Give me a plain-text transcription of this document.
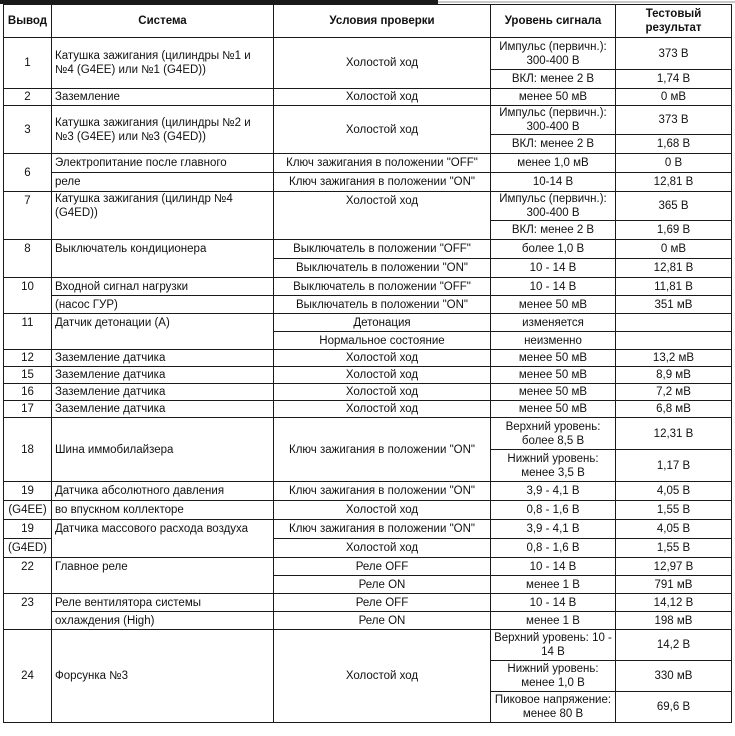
Вывод	Система	Условия проверки	Уровень сигнала	Тестовый результат
1	Катушка зажигания (цилиндры №1 и №4 (G4EE) или №1 (G4ED))	Холостой ход	Импульс (первичн.): 300-400 В	373 В
			ВКЛ: менее 2 В	1,74 В
2	Заземление	Холостой ход	менее 50 мВ	0 мВ
3	Катушка зажигания (цилиндры №2 и №3 (G4EE) или №3 (G4ED))	Холостой ход	Импульс (первичн.): 300-400 В	373 В
			ВКЛ: менее 2 В	1,68 В
6	Электропитание после главного	Ключ зажигания в положении "OFF"	менее 1,0 мВ	0 В
	реле	Ключ зажигания в положении "ON"	10-14 В	12,81 В
7	Катушка зажигания (цилиндр №4 (G4ED))	Холостой ход	Импульс (первичн.): 300-400 В	365 В
			ВКЛ: менее 2 В	1,69 В
8	Выключатель кондиционера	Выключатель в положении "OFF"	более 1,0 В	0 мВ
		Выключатель в положении "ON"	10 - 14 В	12,81 В
10	Входной сигнал нагрузки	Выключатель в положении "OFF"	10 - 14 В	11,81 В
	(насос ГУР)	Выключатель в положении "ON"	менее 50 мВ	351 мВ
11	Датчик детонации (А)	Детонация	изменяется	
		Нормальное состояние	неизменно	
12	Заземление датчика	Холостой ход	менее 50 мВ	13,2 мВ
15	Заземление датчика	Холостой ход	менее 50 мВ	8,9 мВ
16	Заземление датчика	Холостой ход	менее 50 мВ	7,2 мВ
17	Заземление датчика	Холостой ход	менее 50 мВ	6,8 мВ
18	Шина иммобилайзера	Ключ зажигания в положении "ON"	Верхний уровень: более 8,5 В	12,31 В
			Нижний уровень: менее 3,5 В	1,17 В
19	Датчика абсолютного давления	Ключ зажигания в положении "ON"	3,9 - 4,1 В	4,05 В
(G4EE)	во впускном коллекторе	Холостой ход	0,8 - 1,6 В	1,55 В
19	Датчика массового расхода воздуха	Ключ зажигания в положении "ON"	3,9 - 4,1 В	4,05 В
(G4ED)		Холостой ход	0,8 - 1,6 В	1,55 В
22	Главное реле	Реле OFF	10 - 14 В	12,97 В
		Реле ON	менее 1 В	791 мВ
23	Реле вентилятора системы	Реле OFF	10 - 14 В	14,12 В
	охлаждения (High)	Реле ON	менее 1 В	198 мВ
24	Форсунка №3	Холостой ход	Верхний уровень: 10 - 14 В	14,2 В
			Нижний уровень: менее 1,0 В	330 мВ
			Пиковое напряжение: менее 80 В	69,6 В
